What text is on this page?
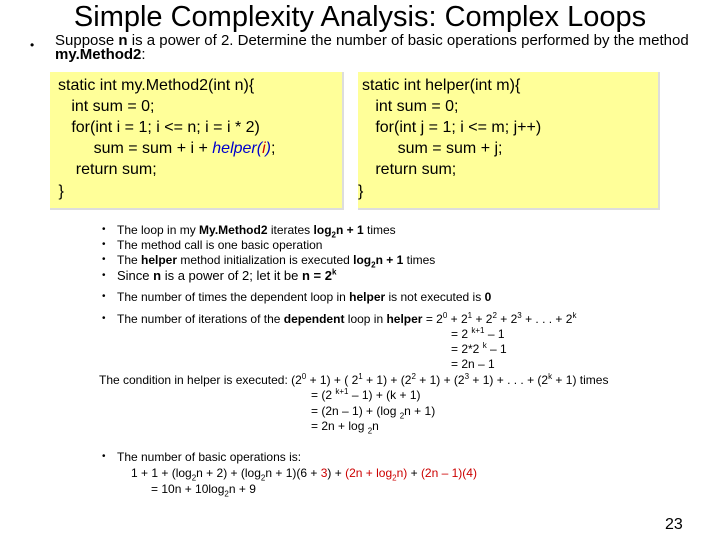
Simple Complexity Analysis: Complex Loops
• Suppose n is a power of 2. Determine the number of basic operations performed by the method my.Method2:

static int my.Method2(int n){

int sum = 0;

for(int i = 1; i <= n; i = i * 2)

sum = sum + i + helper(i);

return sum;

}

static int helper(int m){

int sum = 0;

for(int j = 1; i <= m; j++)

sum = sum + j;

return sum;

}

• The loop in my My.Method2 iterates $\log_2n + 1$ times
• The method call is one basic operation
• The helper method initialization is executed $\log_2n + 1$ times
• Since n is a power of 2; let it be $n = 2^k$
• The number of times the dependent loop in helper is not executed is 0
• The number of iterations of the dependent loop in helper = $2^0 + 2^1 + 2^2 + 2^3$ + . . . + $2^k$
= 2 $^{k+1}$ – 1
= 2*2 $^k$ – 1
= 2n – 1
The condition in helper is executed: $(2^0 + 1)$ + ( $2^1 + 1) + (2^2 + 1) + (2^3 + 1)$ + . . . + $(2^k + 1)$ times
= (2 $^{k+1}$ – 1) + (k + 1)
= (2n – 1) + (log $_2$n + 1)
= 2n + log $_2$n
• The number of basic operations is:
$1 + 1 + (\log_2n + 2) + (\log_2n + 1)(6 + 3) + (2n + \log_2n) + (2n - 1)(4)$
= $10n + 10\log_2n + 9$
23
